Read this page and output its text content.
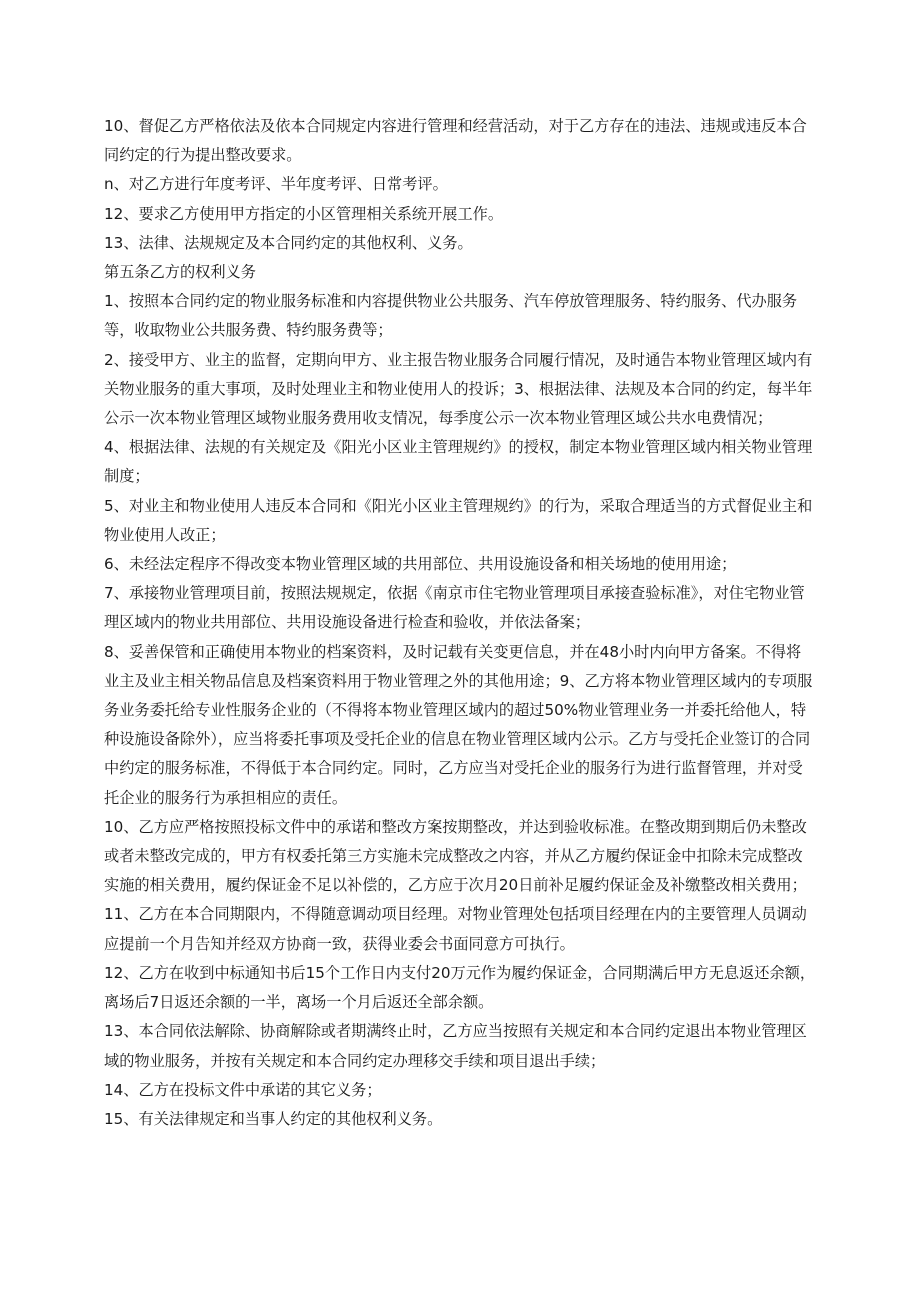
10、督促乙方严格依法及依本合同规定内容进行管理和经营活动，对于乙方存在的违法、违规或违反本合同约定的行为提出整改要求。

n、对乙方进行年度考评、半年度考评、日常考评。

12、要求乙方使用甲方指定的小区管理相关系统开展工作。

13、法律、法规规定及本合同约定的其他权利、义务。

第五条乙方的权利义务

1、按照本合同约定的物业服务标准和内容提供物业公共服务、汽车停放管理服务、特约服务、代办服务等，收取物业公共服务费、特约服务费等；

2、接受甲方、业主的监督，定期向甲方、业主报告物业服务合同履行情况，及时通告本物业管理区域内有关物业服务的重大事项，及时处理业主和物业使用人的投诉；3、根据法律、法规及本合同的约定，每半年公示一次本物业管理区域物业服务费用收支情况，每季度公示一次本物业管理区域公共水电费情况；

4、根据法律、法规的有关规定及《阳光小区业主管理规约》的授权，制定本物业管理区域内相关物业管理制度；

5、对业主和物业使用人违反本合同和《阳光小区业主管理规约》的行为，采取合理适当的方式督促业主和物业使用人改正；

6、未经法定程序不得改变本物业管理区域的共用部位、共用设施设备和相关场地的使用用途；

7、承接物业管理项目前，按照法规规定，依据《南京市住宅物业管理项目承接查验标准》，对住宅物业管理区域内的物业共用部位、共用设施设备进行检查和验收，并依法备案；

8、妥善保管和正确使用本物业的档案资料，及时记载有关变更信息，并在48小时内向甲方备案。不得将业主及业主相关物品信息及档案资料用于物业管理之外的其他用途；9、乙方将本物业管理区域内的专项服务业务委托给专业性服务企业的（不得将本物业管理区域内的超过50%物业管理业务一并委托给他人，特种设施设备除外），应当将委托事项及受托企业的信息在物业管理区域内公示。乙方与受托企业签订的合同中约定的服务标准，不得低于本合同约定。同时，乙方应当对受托企业的服务行为进行监督管理，并对受托企业的服务行为承担相应的责任。

10、乙方应严格按照投标文件中的承诺和整改方案按期整改，并达到验收标准。在整改期到期后仍未整改或者未整改完成的，甲方有权委托第三方实施未完成整改之内容，并从乙方履约保证金中扣除未完成整改实施的相关费用，履约保证金不足以补偿的，乙方应于次月20日前补足履约保证金及补缴整改相关费用；

11、乙方在本合同期限内，不得随意调动项目经理。对物业管理处包括项目经理在内的主要管理人员调动应提前一个月告知并经双方协商一致，获得业委会书面同意方可执行。

12、乙方在收到中标通知书后15个工作日内支付20万元作为履约保证金，合同期满后甲方无息返还余额，离场后7日返还余额的一半，离场一个月后返还全部余额。

13、本合同依法解除、协商解除或者期满终止时，乙方应当按照有关规定和本合同约定退出本物业管理区域的物业服务，并按有关规定和本合同约定办理移交手续和项目退出手续；

14、乙方在投标文件中承诺的其它义务；

15、有关法律规定和当事人约定的其他权利义务。
